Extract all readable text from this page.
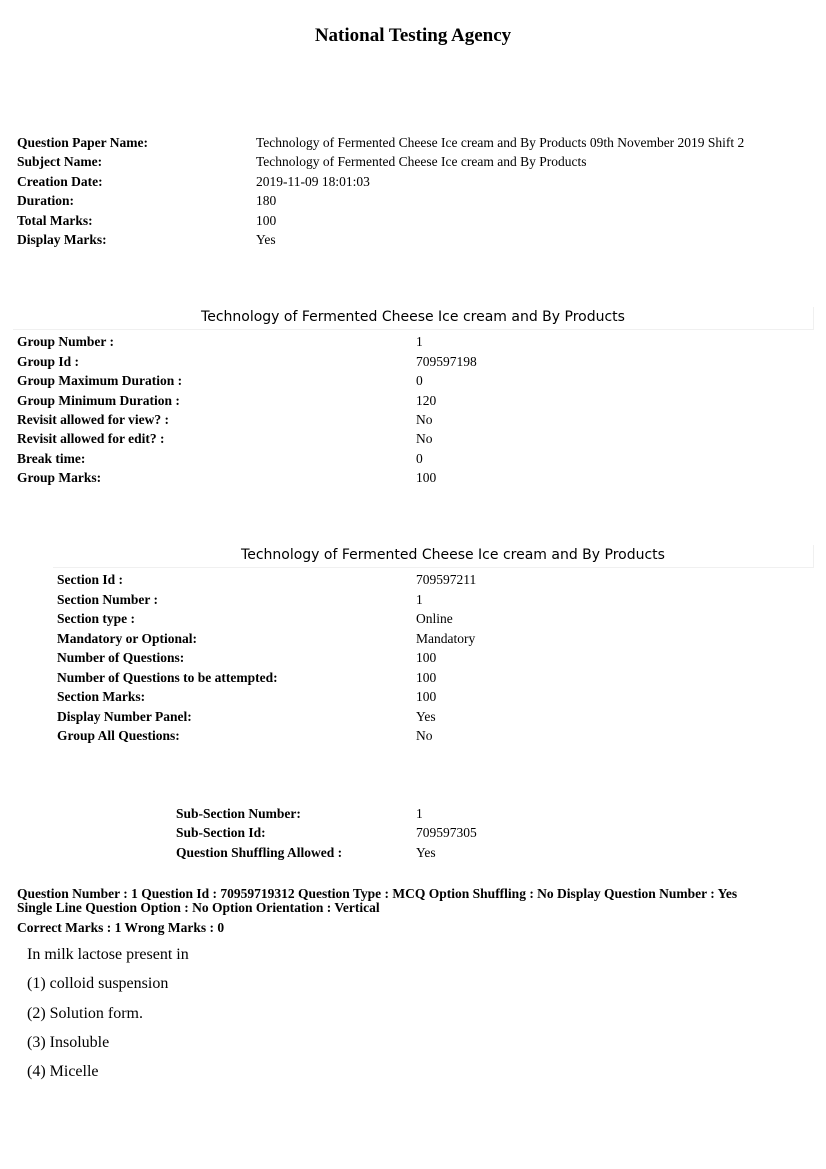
National Testing Agency
Question Paper Name:	Technology of Fermented Cheese Ice cream and By Products 09th November 2019 Shift 2
Subject Name:	Technology of Fermented Cheese Ice cream and By Products
Creation Date:	2019-11-09 18:01:03
Duration:	180
Total Marks:	100
Display Marks:	Yes
Technology of Fermented Cheese Ice cream and By Products
Group Number :	1
Group Id :	709597198
Group Maximum Duration :	0
Group Minimum Duration :	120
Revisit allowed for view? :	No
Revisit allowed for edit? :	No
Break time:	0
Group Marks:	100
Technology of Fermented Cheese Ice cream and By Products
Section Id :	709597211
Section Number :	1
Section type :	Online
Mandatory or Optional:	Mandatory
Number of Questions:	100
Number of Questions to be attempted:	100
Section Marks:	100
Display Number Panel:	Yes
Group All Questions:	No
Sub-Section Number:	1
Sub-Section Id:	709597305
Question Shuffling Allowed :	Yes
Question Number : 1 Question Id : 70959719312 Question Type : MCQ Option Shuffling : No Display Question Number : Yes
Single Line Question Option : No Option Orientation : Vertical
Correct Marks : 1 Wrong Marks : 0
In milk lactose present in
(1) colloid suspension
(2) Solution form.
(3) Insoluble
(4) Micelle
